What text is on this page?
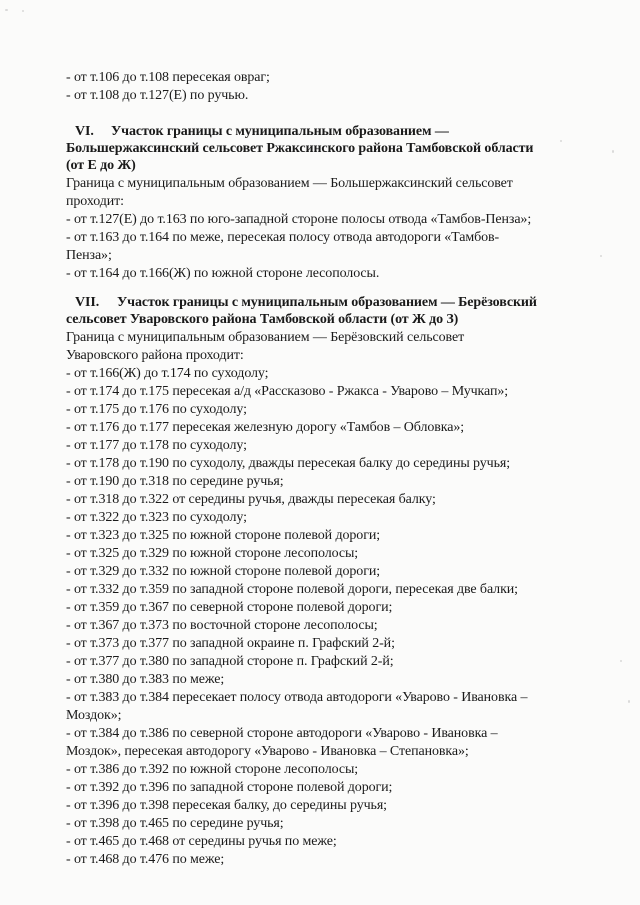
- от т.106 до т.108 пересекая овраг;
- от т.108 до т.127(Е) по ручью.
VI. Участок границы с муниципальным образованием —
Большержаксинский сельсовет Ржаксинского района Тамбовской области
(от Е до Ж)
Граница с муниципальным образованием — Большержаксинский сельсовет
проходит:
- от т.127(Е) до т.163 по юго-западной стороне полосы отвода «Тамбов-Пенза»;
- от т.163 до т.164 по меже, пересекая полосу отвода автодороги «Тамбов-
Пенза»;
- от т.164 до т.166(Ж) по южной стороне лесополосы.
VII. Участок границы с муниципальным образованием — Берёзовский
сельсовет Уваровского района Тамбовской области (от Ж до З)
Граница с муниципальным образованием — Берёзовский сельсовет
Уваровского района проходит:
- от т.166(Ж) до т.174 по суходолу;
- от т.174 до т.175 пересекая а/д «Рассказово - Ржакса - Уварово – Мучкап»;
- от т.175 до т.176 по суходолу;
- от т.176 до т.177 пересекая железную дорогу «Тамбов – Обловка»;
- от т.177 до т.178 по суходолу;
- от т.178 до т.190 по суходолу, дважды пересекая балку до середины ручья;
- от т.190 до т.318 по середине ручья;
- от т.318 до т.322 от середины ручья, дважды пересекая балку;
- от т.322 до т.323 по суходолу;
- от т.323 до т.325 по южной стороне полевой дороги;
- от т.325 до т.329 по южной стороне лесополосы;
- от т.329 до т.332 по южной стороне полевой дороги;
- от т.332 до т.359 по западной стороне полевой дороги, пересекая две балки;
- от т.359 до т.367 по северной стороне полевой дороги;
- от т.367 до т.373 по восточной стороне лесополосы;
- от т.373 до т.377 по западной окраине п. Графский 2-й;
- от т.377 до т.380 по западной стороне п. Графский 2-й;
- от т.380 до т.383 по меже;
- от т.383 до т.384 пересекает полосу отвода автодороги «Уварово - Ивановка –
Моздок»;
- от т.384 до т.386 по северной стороне автодороги «Уварово - Ивановка –
Моздок», пересекая автодорогу «Уварово - Ивановка – Степановка»;
- от т.386 до т.392 по южной стороне лесополосы;
- от т.392 до т.396 по западной стороне полевой дороги;
- от т.396 до т.398 пересекая балку, до середины ручья;
- от т.398 до т.465 по середине ручья;
- от т.465 до т.468 от середины ручья по меже;
- от т.468 до т.476 по меже;
